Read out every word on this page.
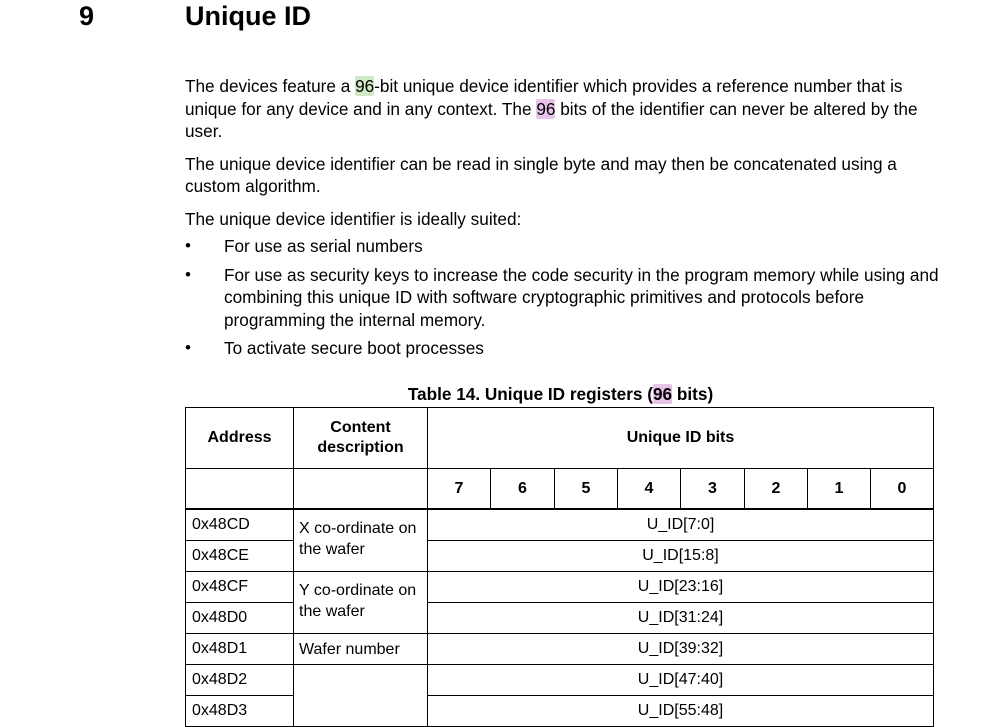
9	Unique ID

The devices feature a 96-bit unique device identifier which provides a reference number that is unique for any device and in any context. The 96 bits of the identifier can never be altered by the user.

The unique device identifier can be read in single byte and may then be concatenated using a custom algorithm.

The unique device identifier is ideally suited:

• For use as serial numbers
• For use as security keys to increase the code security in the program memory while using and combining this unique ID with software cryptographic primitives and protocols before programming the internal memory.
• To activate secure boot processes
Table 14. Unique ID registers (96 bits)
Address	Content description	Unique ID bits							
		7	6	5	4	3	2	1	0
0x48CD	X co-ordinate on the wafer	U_ID[7:0]							
0x48CE		U_ID[15:8]							
0x48CF	Y co-ordinate on the wafer	U_ID[23:16]							
0x48D0		U_ID[31:24]							
0x48D1	Wafer number	U_ID[39:32]							
0x48D2		U_ID[47:40]							
0x48D3		U_ID[55:48]							
